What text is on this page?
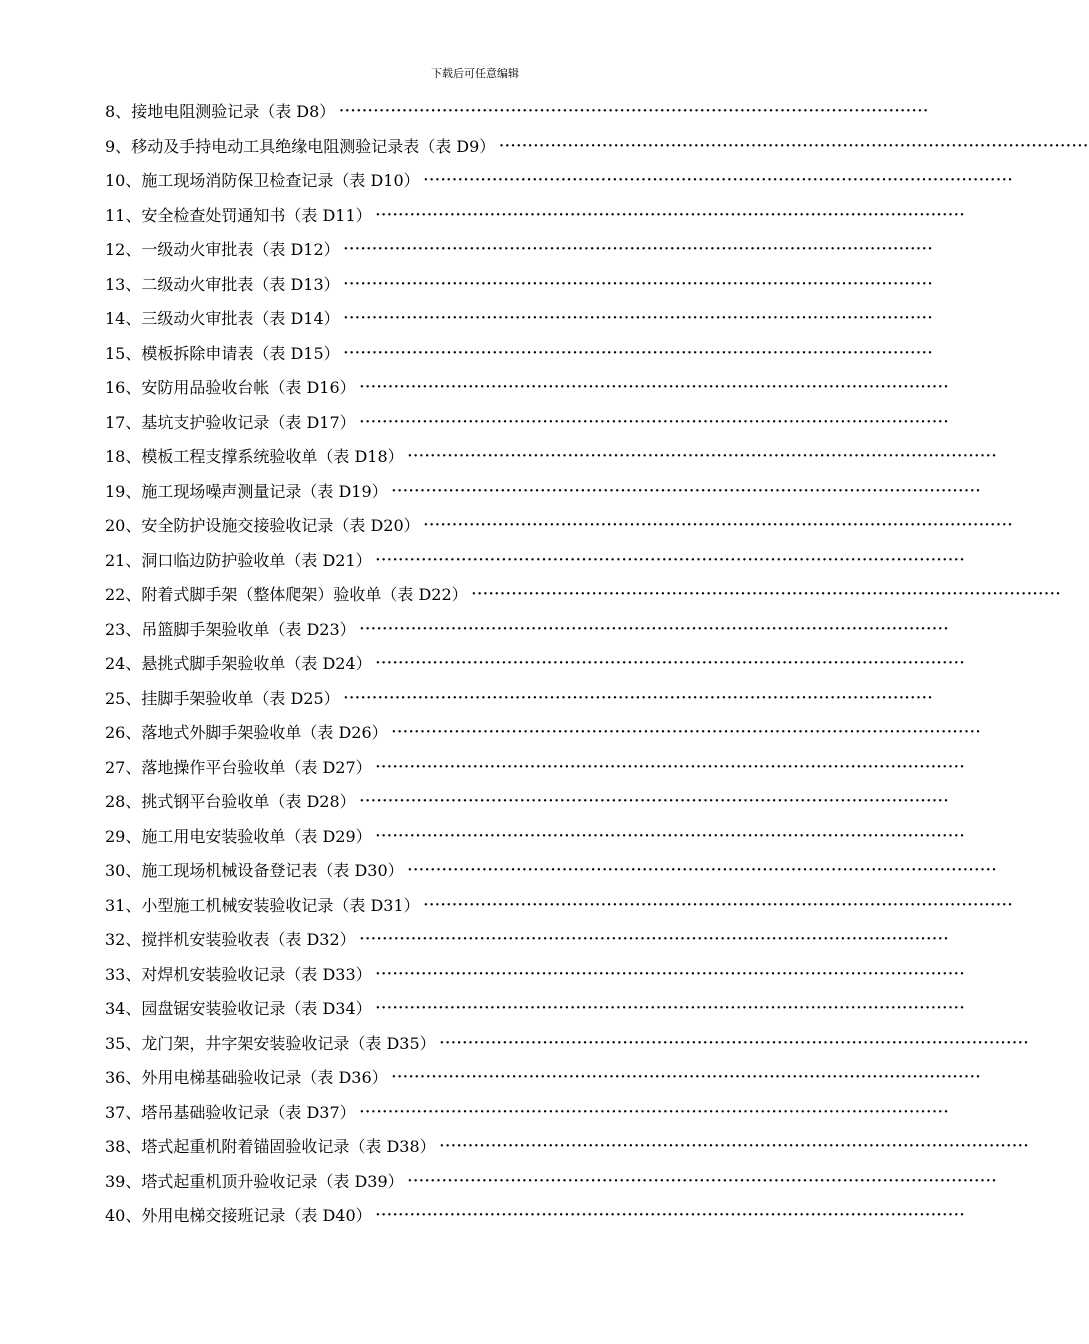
下载后可任意编辑
8、 接地电阻测验记录（表 D8） ·······································································································
9、 移动及手持电动工具绝缘电阻测验记录表（表 D9） ·······································································································
10、 施工现场消防保卫检查记录（表 D10） ·······································································································
11、 安全检查处罚通知书（表 D11） ·······································································································
12、 一级动火审批表（表 D12） ·······································································································
13、 二级动火审批表（表 D13） ·······································································································
14、 三级动火审批表（表 D14） ·······································································································
15、 模板拆除申请表（表 D15） ·······································································································
16、 安防用品验收台帐（表 D16） ·······································································································
17、 基坑支护验收记录（表 D17） ·······································································································
18、 模板工程支撑系统验收单（表 D18） ·······································································································
19、 施工现场噪声测量记录（表 D19） ·······································································································
20、 安全防护设施交接验收记录（表 D20） ·······································································································
21、 洞口临边防护验收单（表 D21） ·······································································································
22、 附着式脚手架（整体爬架）验收单（表 D22） ·······································································································
23、 吊篮脚手架验收单（表 D23） ·······································································································
24、 悬挑式脚手架验收单（表 D24） ·······································································································
25、 挂脚手架验收单（表 D25） ·······································································································
26、 落地式外脚手架验收单（表 D26） ·······································································································
27、 落地操作平台验收单（表 D27） ·······································································································
28、 挑式钢平台验收单（表 D28） ·······································································································
29、 施工用电安装验收单（表 D29） ·······································································································
30、 施工现场机械设备登记表（表 D30） ·······································································································
31、 小型施工机械安装验收记录（表 D31） ·······································································································
32、 搅拌机安装验收表（表 D32） ·······································································································
33、 对焊机安装验收记录（表 D33） ·······································································································
34、 园盘锯安装验收记录（表 D34） ·······································································································
35、 龙门架，井字架安装验收记录（表 D35） ·······································································································
36、 外用电梯基础验收记录（表 D36） ·······································································································
37、 塔吊基础验收记录（表 D37） ·······································································································
38、 塔式起重机附着锚固验收记录（表 D38） ·······································································································
39、 塔式起重机顶升验收记录（表 D39） ·······································································································
40、 外用电梯交接班记录（表 D40） ·······································································································
